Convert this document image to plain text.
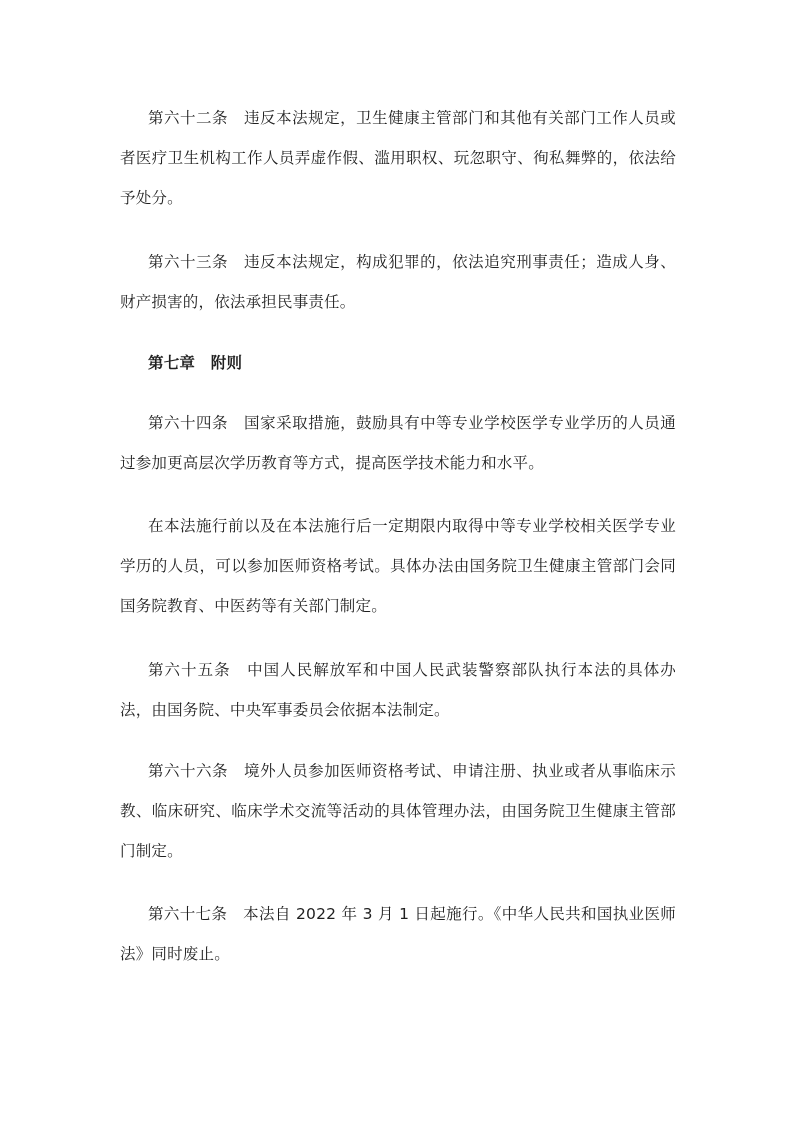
第六十二条　违反本法规定，卫生健康主管部门和其他有关部门工作人员或者医疗卫生机构工作人员弄虚作假、滥用职权、玩忽职守、徇私舞弊的，依法给予处分。

第六十三条　违反本法规定，构成犯罪的，依法追究刑事责任；造成人身、财产损害的，依法承担民事责任。

第七章　附则

第六十四条　国家采取措施，鼓励具有中等专业学校医学专业学历的人员通过参加更高层次学历教育等方式，提高医学技术能力和水平。

在本法施行前以及在本法施行后一定期限内取得中等专业学校相关医学专业学历的人员，可以参加医师资格考试。具体办法由国务院卫生健康主管部门会同国务院教育、中医药等有关部门制定。

第六十五条　中国人民解放军和中国人民武装警察部队执行本法的具体办法，由国务院、中央军事委员会依据本法制定。

第六十六条　境外人员参加医师资格考试、申请注册、执业或者从事临床示教、临床研究、临床学术交流等活动的具体管理办法，由国务院卫生健康主管部门制定。

第六十七条　本法自 2022 年 3 月 1 日起施行。《中华人民共和国执业医师法》同时废止。
